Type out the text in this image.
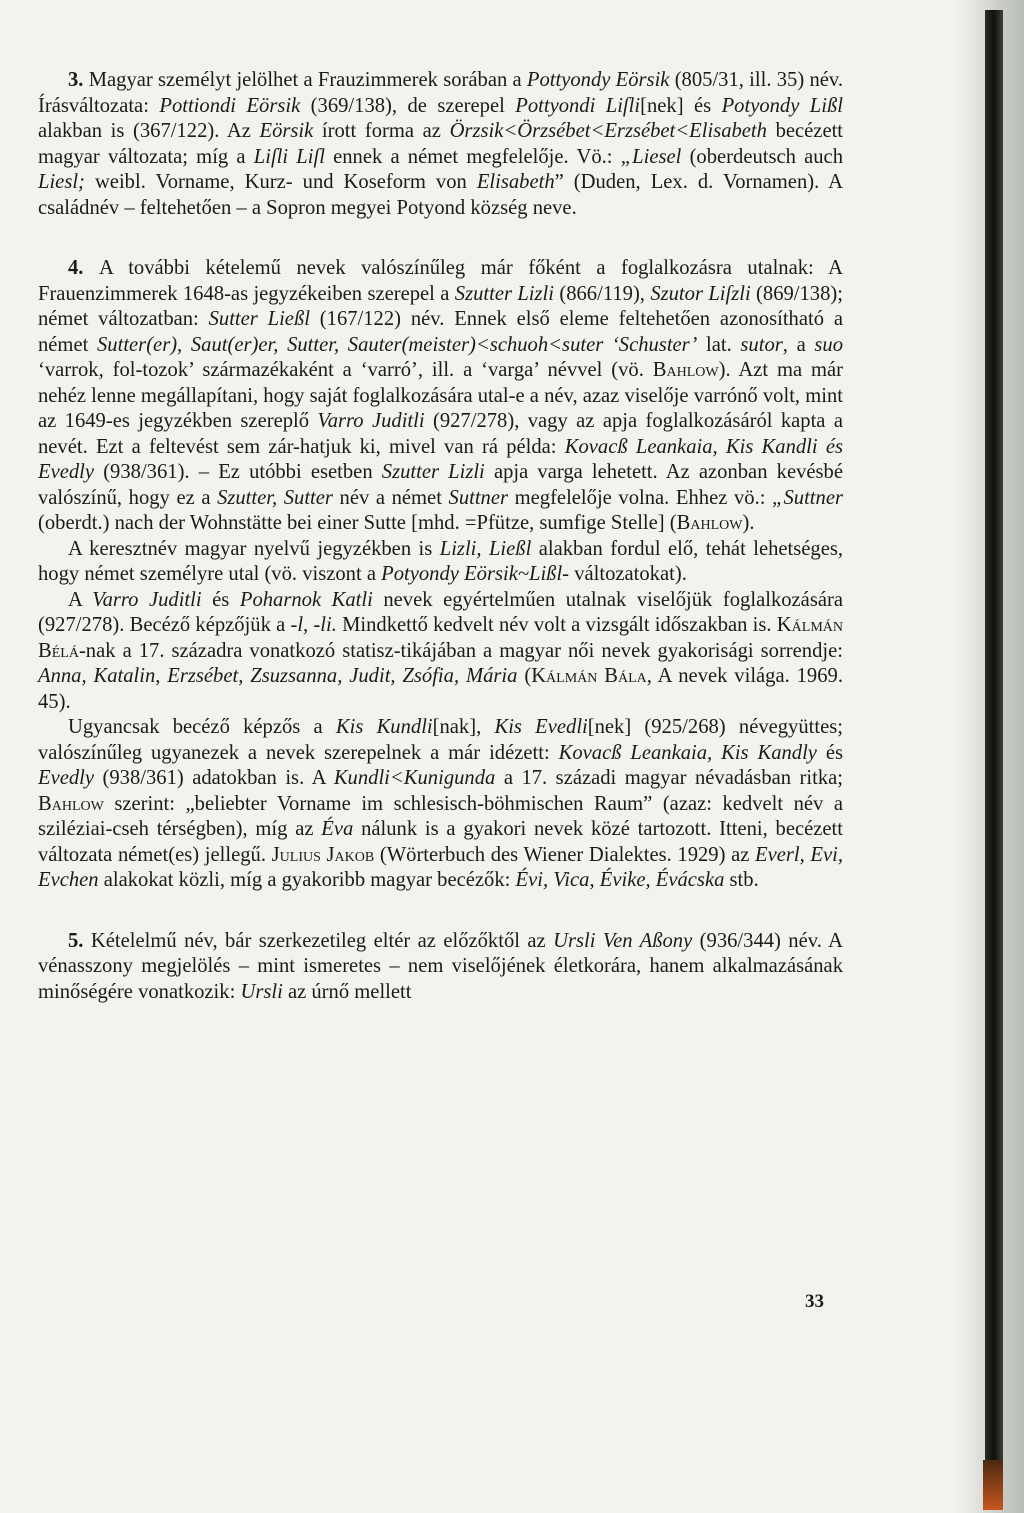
3. Magyar személyt jelölhet a Frauzimmerek sorában a Pottyondy Eörsik (805/31, ill. 35) név. Írásváltozata: Pottiondi Eörsik (369/138), de szerepel Pottyondi Liſli[nek] és Potyondy Lißl alakban is (367/122). Az Eörsik írott forma az Örzsik<Örzsébet<Erzsébet<Elisabeth becézett magyar változata; míg a Liſli Liſl ennek a német megfelelője. Vö.: „Liesel (oberdeutsch auch Liesl; weibl. Vorname, Kurz- und Koseform von Elisabeth” (Duden, Lex. d. Vornamen). A családnév – feltehetően – a Sopron megyei Potyond község neve.

4. A további kételemű nevek valószínűleg már főként a foglalkozásra utalnak: A Frauenzimmerek 1648-as jegyzékeiben szerepel a Szutter Lizli (866/119), Szutor Liſzli (869/138); német változatban: Sutter Ließl (167/122) név. Ennek első eleme feltehetően azonosítható a német Sutter(er), Saut(er)er, Sutter, Sauter(meister)<schuoh<suter ‘Schuster’ lat. sutor, a suo ‘varrok, fol-tozok’ származékaként a ‘varró’, ill. a ‘varga’ névvel (vö. Bahlow). Azt ma már nehéz lenne megállapítani, hogy saját foglalkozására utal-e a név, azaz viselője varrónő volt, mint az 1649-es jegyzékben szereplő Varro Juditli (927/278), vagy az apja foglalkozásáról kapta a nevét. Ezt a feltevést sem zár-hatjuk ki, mivel van rá példa: Kovacß Leankaia, Kis Kandli és Evedly (938/361). – Ez utóbbi esetben Szutter Lizli apja varga lehetett. Az azonban kevésbé valószínű, hogy ez a Szutter, Sutter név a német Suttner megfelelője volna. Ehhez vö.: „Suttner (oberdt.) nach der Wohnstätte bei einer Sutte [mhd. =Pfütze, sumfige Stelle] (Bahlow).

A keresztnév magyar nyelvű jegyzékben is Lizli, Ließl alakban fordul elő, tehát lehetséges, hogy német személyre utal (vö. viszont a Potyondy Eörsik~Lißl- változatokat).

A Varro Juditli és Poharnok Katli nevek egyértelműen utalnak viselőjük foglalkozására (927/278). Becéző képzőjük a -l, -li. Mindkettő kedvelt név volt a vizsgált időszakban is. Kálmán Bélá-nak a 17. századra vonatkozó statisz-tikájában a magyar női nevek gyakorisági sorrendje: Anna, Katalin, Erzsébet, Zsuzsanna, Judit, Zsófia, Mária (Kálmán Bála, A nevek világa. 1969. 45).

Ugyancsak becéző képzős a Kis Kundli[nak], Kis Evedli[nek] (925/268) névegyüttes; valószínűleg ugyanezek a nevek szerepelnek a már idézett: Kovacß Leankaia, Kis Kandly és Evedly (938/361) adatokban is. A Kundli<Kunigunda a 17. századi magyar névadásban ritka; Bahlow szerint: „beliebter Vorname im schlesisch-böhmischen Raum” (azaz: kedvelt név a sziléziai-cseh térségben), míg az Éva nálunk is a gyakori nevek közé tartozott. Itteni, becézett változata német(es) jellegű. Julius Jakob (Wörterbuch des Wiener Dialektes. 1929) az Everl, Evi, Evchen alakokat közli, míg a gyakoribb magyar becézők: Évi, Vica, Évike, Évácska stb.

5. Kételelmű név, bár szerkezetileg eltér az előzőktől az Ursli Ven Aßony (936/344) név. A vénasszony megjelölés – mint ismeretes – nem viselőjének életkorára, hanem alkalmazásának minőségére vonatkozik: Ursli az úrnő mellett

33
